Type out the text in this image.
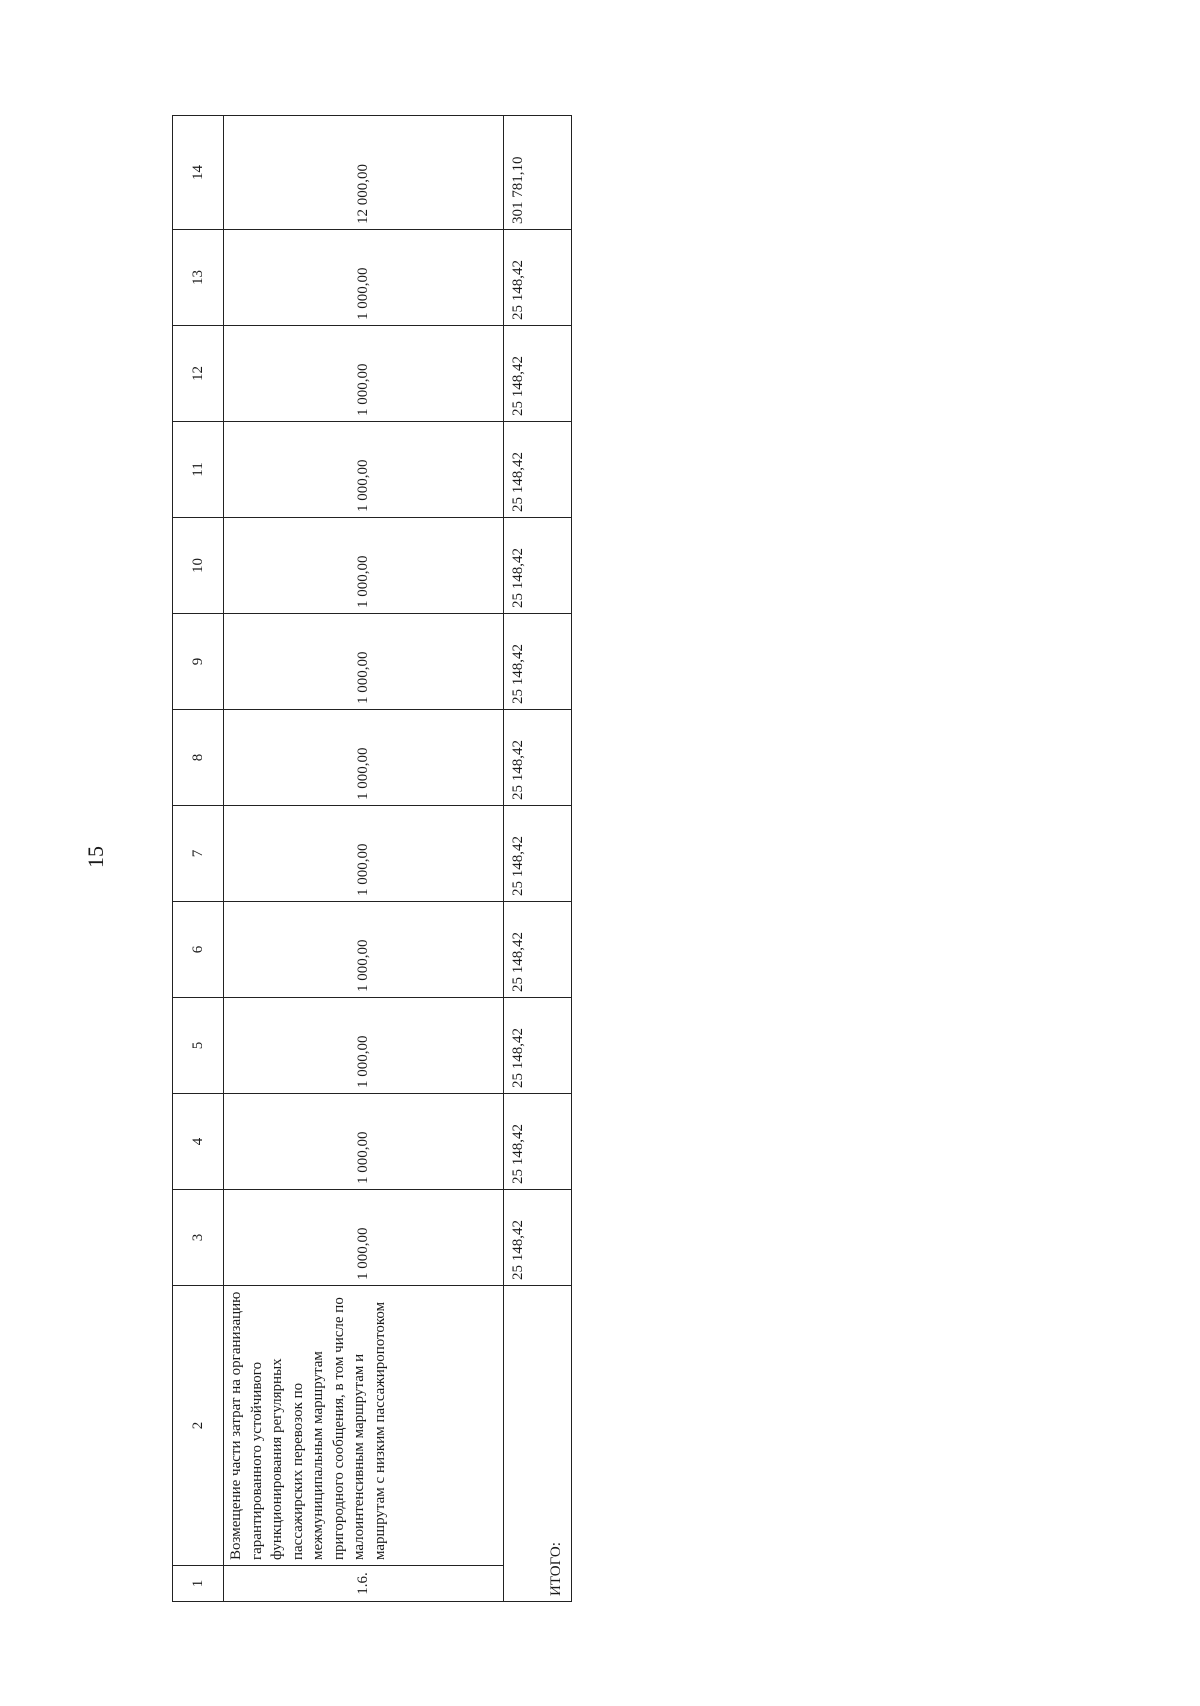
15
1	2	3	4	5	6	7	8	9	10	11	12	13	14
1.6.	Возмещение части затрат на организацию гарантированного устойчивого функционирования регулярных пассажирских перевозок по межмуниципальным маршрутам пригородного сообщения, в том числе по малоинтенсивным маршрутам и маршрутам с низким пассажиропотоком	1 000,00	1 000,00	1 000,00	1 000,00	1 000,00	1 000,00	1 000,00	1 000,00	1 000,00	1 000,00	1 000,00	12 000,00
ИТОГО:		25 148,42	25 148,42	25 148,42	25 148,42	25 148,42	25 148,42	25 148,42	25 148,42	25 148,42	25 148,42	25 148,42	301 781,10
